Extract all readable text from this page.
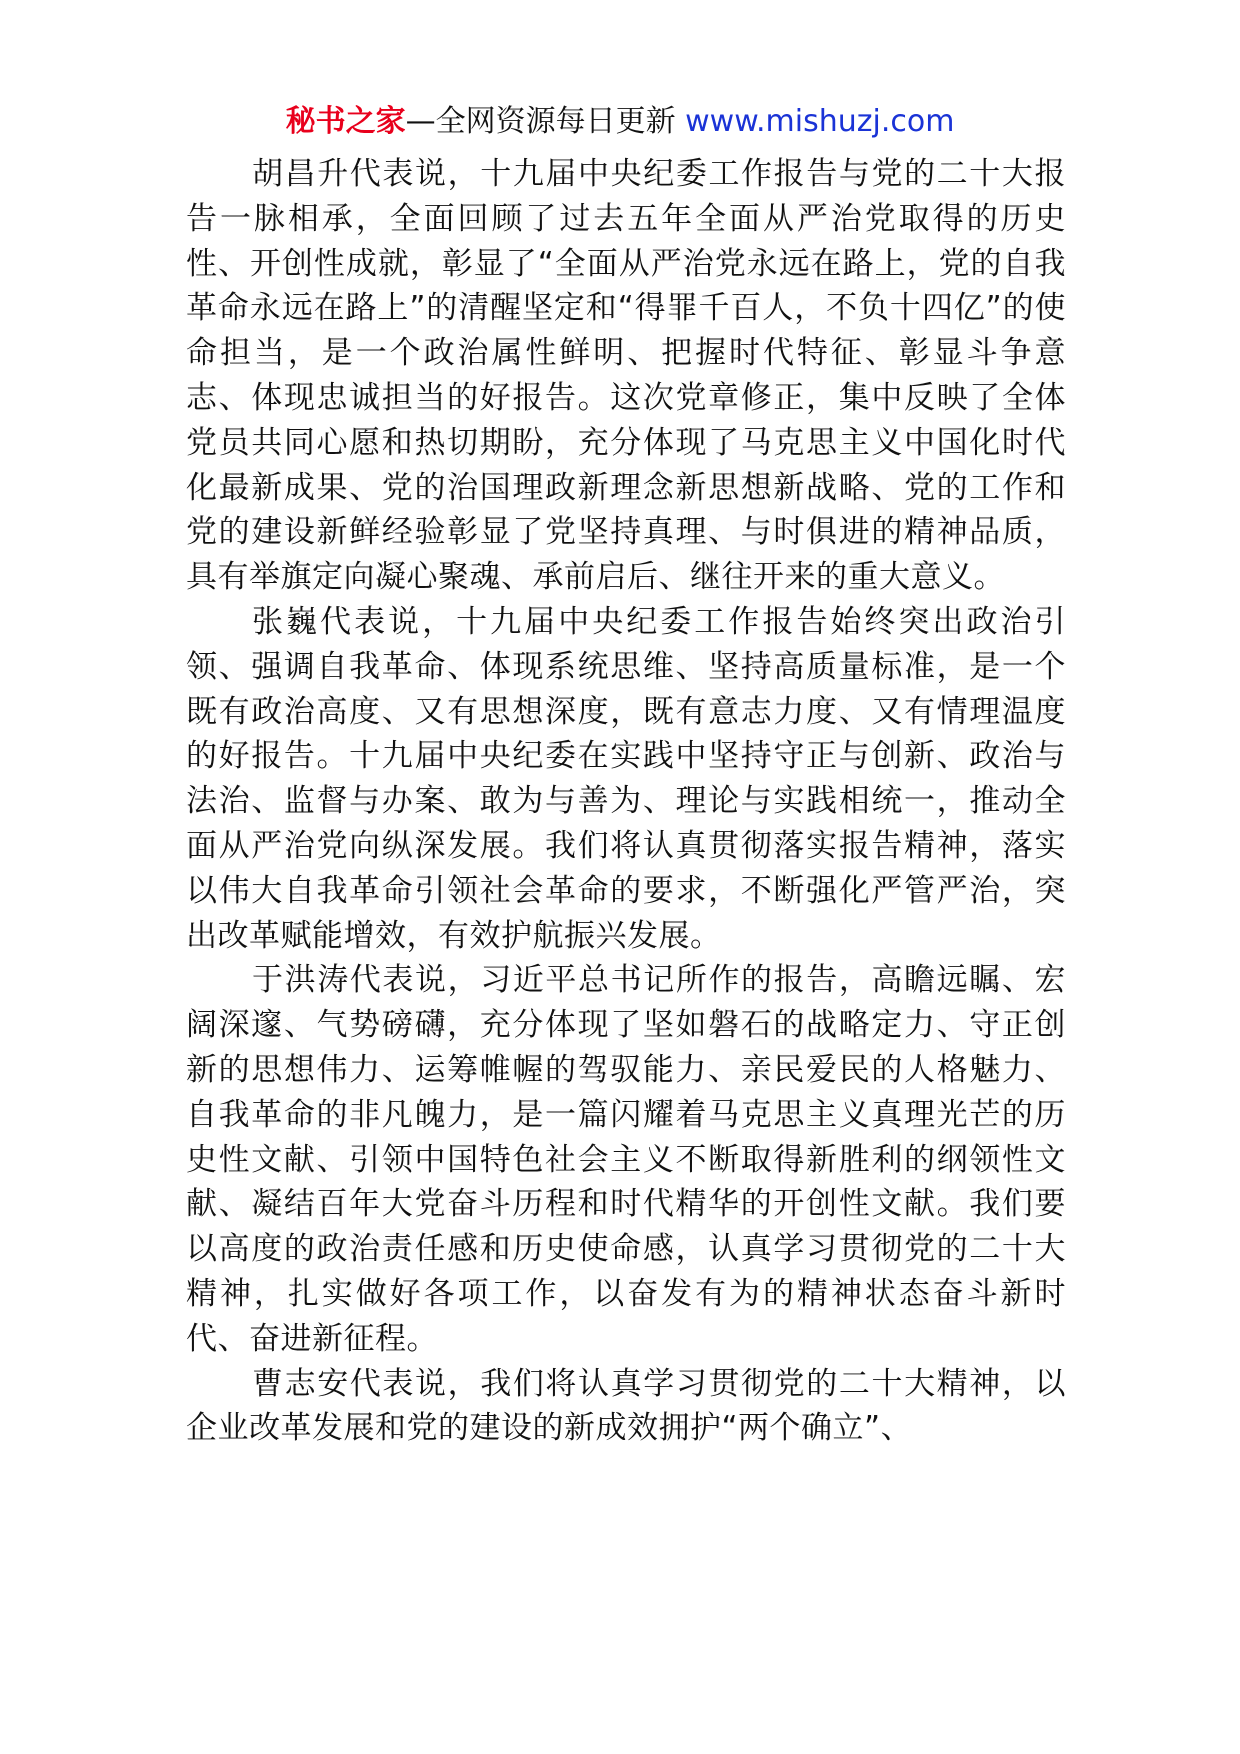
秘书之家—全网资源每日更新 www.mishuzj.com

胡昌升代表说，十九届中央纪委工作报告与党的二十大报告一脉相承，全面回顾了过去五年全面从严治党取得的历史性、开创性成就，彰显了“全面从严治党永远在路上，党的自我革命永远在路上”的清醒坚定和“得罪千百人，不负十四亿”的使命担当，是一个政治属性鲜明、把握时代特征、彰显斗争意志、体现忠诚担当的好报告。这次党章修正，集中反映了全体党员共同心愿和热切期盼，充分体现了马克思主义中国化时代化最新成果、党的治国理政新理念新思想新战略、党的工作和党的建设新鲜经验彰显了党坚持真理、与时俱进的精神品质，具有举旗定向凝心聚魂、承前启后、继往开来的重大意义。

张巍代表说，十九届中央纪委工作报告始终突出政治引领、强调自我革命、体现系统思维、坚持高质量标准，是一个既有政治高度、又有思想深度，既有意志力度、又有情理温度的好报告。十九届中央纪委在实践中坚持守正与创新、政治与法治、监督与办案、敢为与善为、理论与实践相统一，推动全面从严治党向纵深发展。我们将认真贯彻落实报告精神，落实以伟大自我革命引领社会革命的要求，不断强化严管严治，突出改革赋能增效，有效护航振兴发展。

于洪涛代表说，习近平总书记所作的报告，高瞻远瞩、宏阔深邃、气势磅礴，充分体现了坚如磐石的战略定力、守正创新的思想伟力、运筹帷幄的驾驭能力、亲民爱民的人格魅力、自我革命的非凡魄力，是一篇闪耀着马克思主义真理光芒的历史性文献、引领中国特色社会主义不断取得新胜利的纲领性文献、凝结百年大党奋斗历程和时代精华的开创性文献。我们要以高度的政治责任感和历史使命感，认真学习贯彻党的二十大精神，扎实做好各项工作，以奋发有为的精神状态奋斗新时代、奋进新征程。

曹志安代表说，我们将认真学习贯彻党的二十大精神，以企业改革发展和党的建设的新成效拥护“两个确立”、
